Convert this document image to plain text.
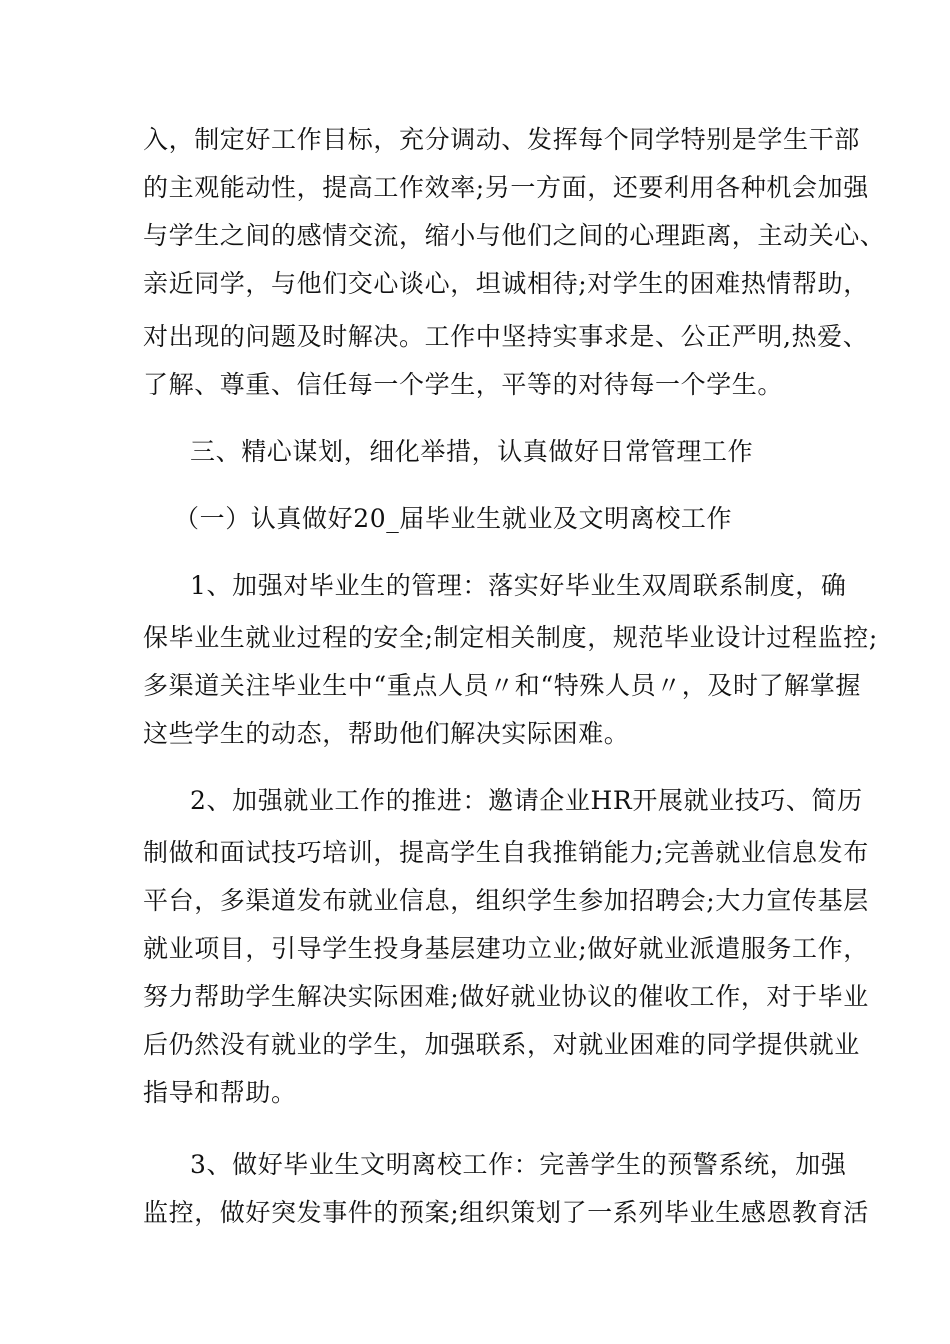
入，制定好工作目标，充分调动、发挥每个同学特别是学生干部
的主观能动性，提高工作效率;另一方面，还要利用各种机会加强
与学生之间的感情交流，缩小与他们之间的心理距离，主动关心、
亲近同学，与他们交心谈心，坦诚相待;对学生的困难热情帮助，
对出现的问题及时解决。工作中坚持实事求是、公正严明,热爱、
了解、尊重、信任每一个学生，平等的对待每一个学生。
三、精心谋划，细化举措，认真做好日常管理工作
（一）认真做好20_届毕业生就业及文明离校工作
1、加强对毕业生的管理：落实好毕业生双周联系制度，确
保毕业生就业过程的安全;制定相关制度，规范毕业设计过程监控;
多渠道关注毕业生中“重点人员〃和“特殊人员〃，及时了解掌握
这些学生的动态，帮助他们解决实际困难。
2、加强就业工作的推进：邀请企业HR开展就业技巧、简历
制做和面试技巧培训，提高学生自我推销能力;完善就业信息发布
平台，多渠道发布就业信息，组织学生参加招聘会;大力宣传基层
就业项目，引导学生投身基层建功立业;做好就业派遣服务工作，
努力帮助学生解决实际困难;做好就业协议的催收工作，对于毕业
后仍然没有就业的学生，加强联系，对就业困难的同学提供就业
指导和帮助。
3、做好毕业生文明离校工作：完善学生的预警系统，加强
监控，做好突发事件的预案;组织策划了一系列毕业生感恩教育活
